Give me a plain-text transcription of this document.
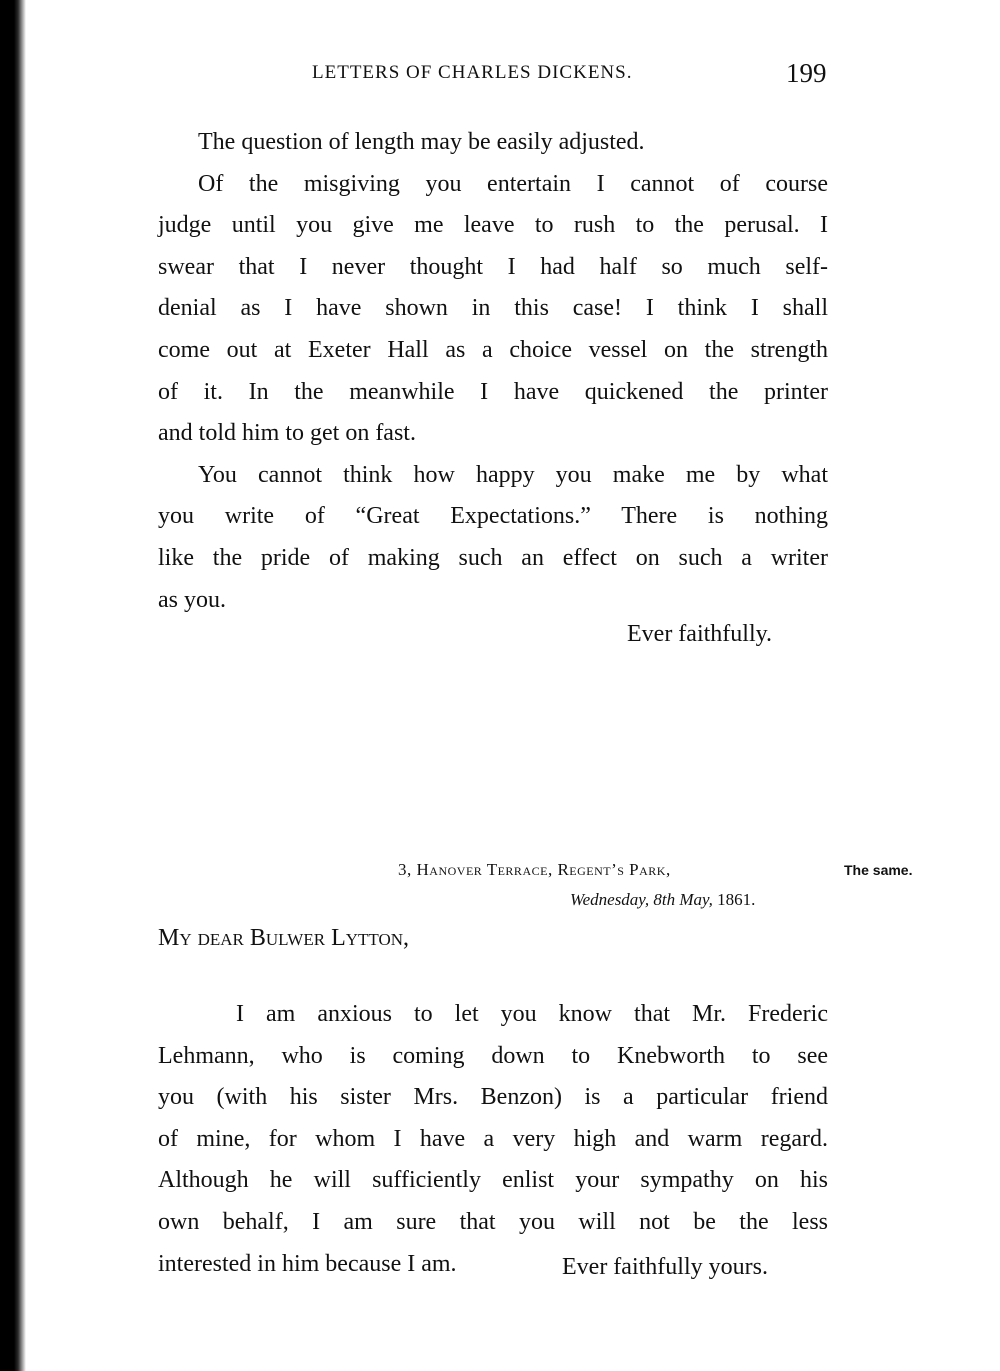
LETTERS OF CHARLES DICKENS.	199
The question of length may be easily adjusted.
Of the misgiving you entertain I cannot of course
judge until you give me leave to rush to the perusal. I
swear that I never thought I had half so much self-
denial as I have shown in this case! I think I shall
come out at Exeter Hall as a choice vessel on the strength
of it. In the meanwhile I have quickened the printer
and told him to get on fast.
You cannot think how happy you make me by what
you write of “Great Expectations.” There is nothing
like the pride of making such an effect on such a writer
as you.
Ever faithfully.
3, Hanover Terrace, Regent’s Park,
Wednesday, 8th May, 1861.
The same.
My dear Bulwer Lytton,
I am anxious to let you know that Mr. Frederic
Lehmann, who is coming down to Knebworth to see
you (with his sister Mrs. Benzon) is a particular friend
of mine, for whom I have a very high and warm regard.
Although he will sufficiently enlist your sympathy on his
own behalf, I am sure that you will not be the less
interested in him because I am.	Ever faithfully yours.
